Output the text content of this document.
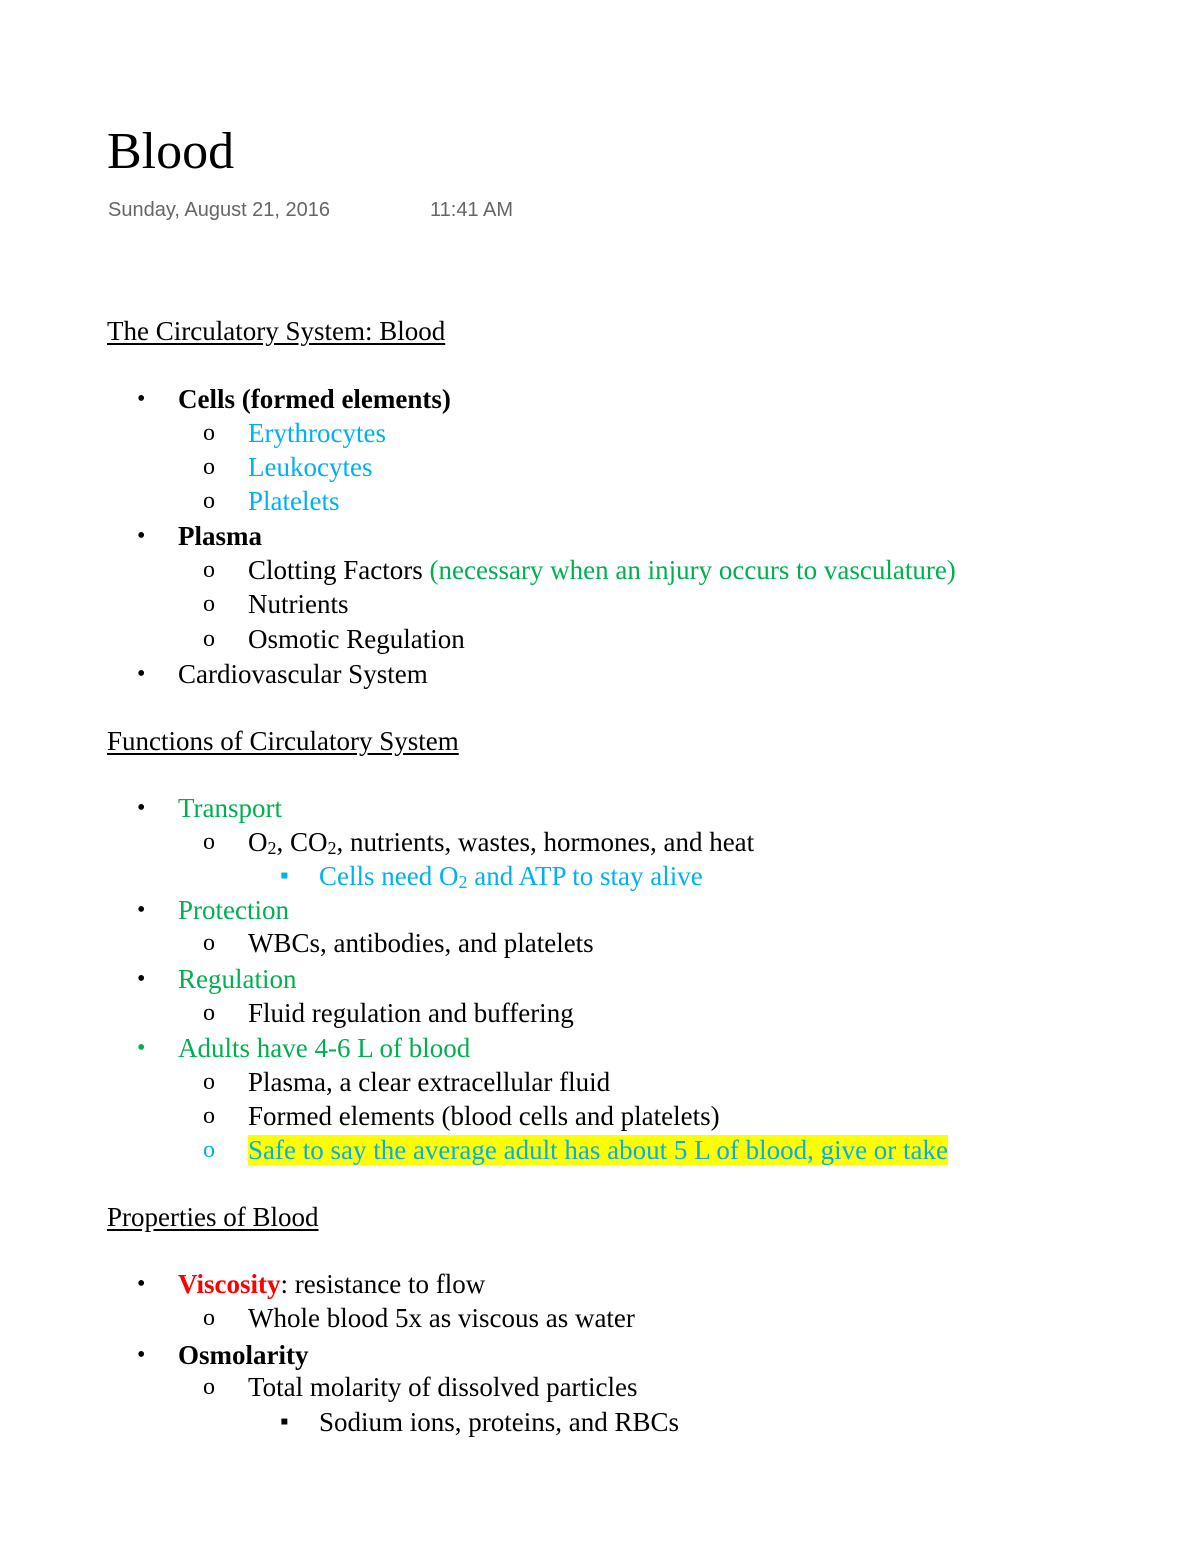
Blood
Sunday, August 21, 2016	11:41 AM
The Circulatory System: Blood
• Cells (formed elements)
o Erythrocytes
o Leukocytes
o Platelets
• Plasma
o Clotting Factors (necessary when an injury occurs to vasculature)
o Nutrients
o Osmotic Regulation
• Cardiovascular System
Functions of Circulatory System
• Transport
o $O_2$, $CO_2$, nutrients, wastes, hormones, and heat
▪ Cells need $O_2$ and ATP to stay alive
• Protection
o WBCs, antibodies, and platelets
• Regulation
o Fluid regulation and buffering
• Adults have 4-6 L of blood
o Plasma, a clear extracellular fluid
o Formed elements (blood cells and platelets)
o Safe to say the average adult has about 5 L of blood, give or take
Properties of Blood
• Viscosity: resistance to flow
o Whole blood 5x as viscous as water
• Osmolarity
o Total molarity of dissolved particles
▪ Sodium ions, proteins, and RBCs
